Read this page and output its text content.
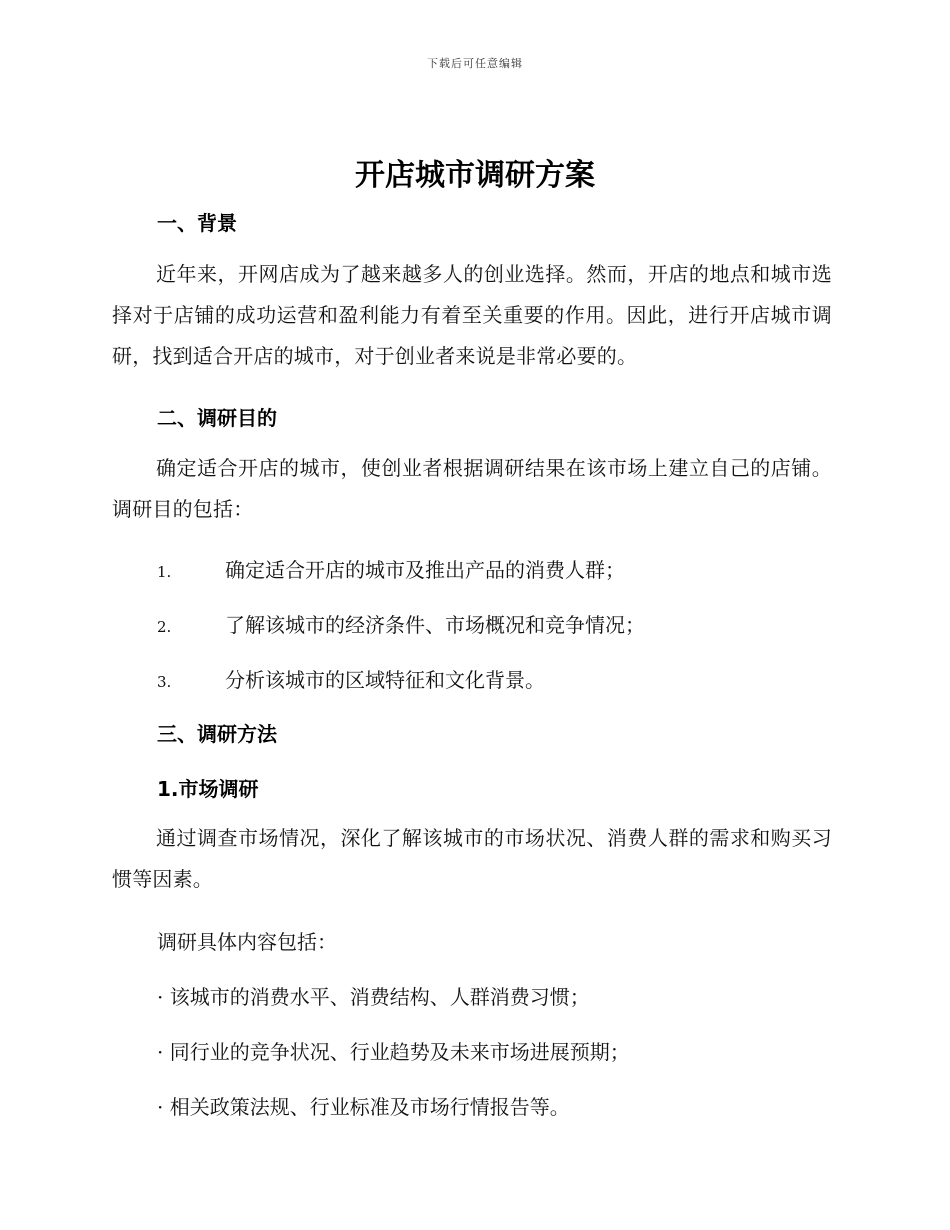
下载后可任意编辑
开店城市调研方案
一、背景
近年来，开网店成为了越来越多人的创业选择。然而，开店的地点和城市选择对于店铺的成功运营和盈利能力有着至关重要的作用。因此，进行开店城市调研，找到适合开店的城市，对于创业者来说是非常必要的。
二、调研目的
确定适合开店的城市，使创业者根据调研结果在该市场上建立自己的店铺。调研目的包括：
1.	确定适合开店的城市及推出产品的消费人群；
2.	了解该城市的经济条件、市场概况和竞争情况；
3.	分析该城市的区域特征和文化背景。
三、调研方法
1.市场调研
通过调查市场情况，深化了解该城市的市场状况、消费人群的需求和购买习惯等因素。
调研具体内容包括：
· 该城市的消费水平、消费结构、人群消费习惯；
· 同行业的竞争状况、行业趋势及未来市场进展预期；
· 相关政策法规、行业标准及市场行情报告等。
